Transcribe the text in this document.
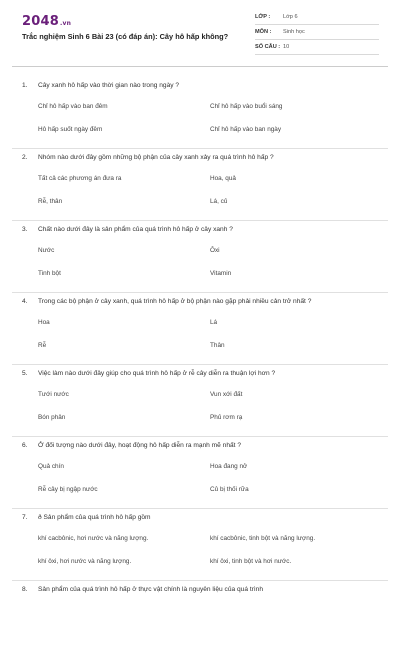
2048.vn
Trắc nghiệm Sinh 6 Bài 23 (có đáp án): Cây hô hấp không?
LỚP :	Lớp 6
MÔN :	Sinh học
SỐ CÂU : 10
1. Cây xanh hô hấp vào thời gian nào trong ngày ?
Chỉ hô hấp vào ban đêm	Chỉ hô hấp vào buổi sáng
Hô hấp suốt ngày đêm	Chỉ hô hấp vào ban ngày
2. Nhóm nào dưới đây gồm những bộ phận của cây xanh xảy ra quá trình hô hấp ?
Tất cả các phương án đưa ra	Hoa, quả
Rễ, thân	Lá, củ
3. Chất nào dưới đây là sản phẩm của quá trình hô hấp ở cây xanh ?
Nước	Ôxi
Tinh bột	Vitamin
4. Trong các bộ phận ở cây xanh, quá trình hô hấp ở bộ phận nào gặp phải nhiều cản trở nhất ?
Hoa	Lá
Rễ	Thân
5. Việc làm nào dưới đây giúp cho quá trình hô hấp ở rễ cây diễn ra thuận lợi hơn ?
Tưới nước	Vun xới đất
Bón phân	Phủ rơm rạ
6. Ở đối tượng nào dưới đây, hoạt động hô hấp diễn ra mạnh mẽ nhất ?
Quả chín	Hoa đang nở
Rễ cây bị ngập nước	Củ bị thối rữa
7. ð Sản phẩm của quá trình hô hấp gồm
khí cacbônic, hơi nước và năng lượng.	khí cacbônic, tinh bột và năng lượng.
khí ôxi, hơi nước và năng lượng.	khí ôxi, tinh bột và hơi nước.
8. Sản phẩm của quá trình hô hấp ở thực vật chính là nguyên liệu của quá trình
